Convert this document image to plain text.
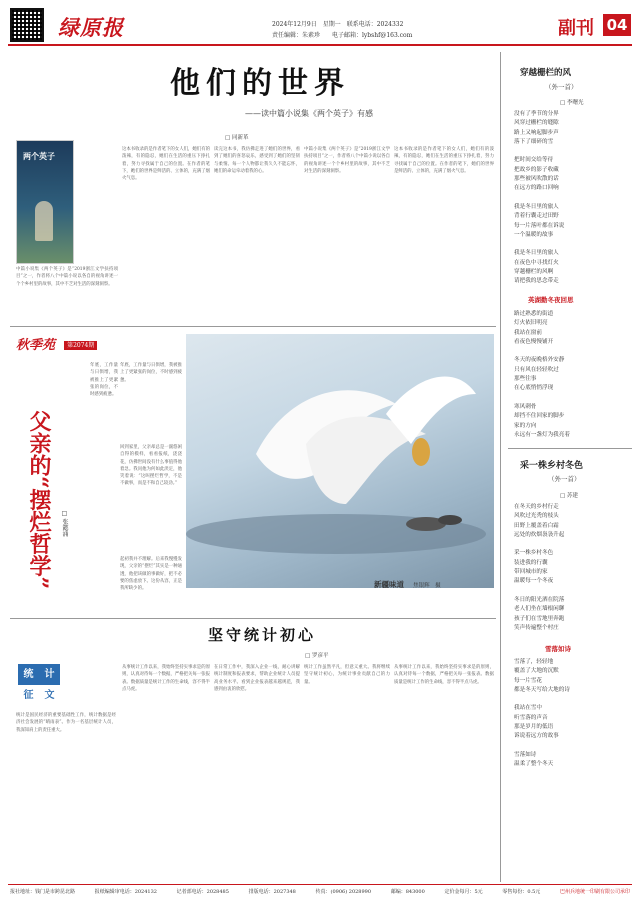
绿原报	2024年12月9日　星期一　联系电话：2024332
责任编辑：朱素珍　　电子邮箱：lybshf@163.com	副刊 04
他们的世界
——读中篇小说集《两个英子》有感
□ 同新革
两个英子
中篇小说集《两个英子》是“2019浙江文学扶持项目”之一，作者将八个中篇小说以各自的视角讲述一个个乡村里的故事，其中不乏对生活的深刻洞察。
这本书收录的是作者笔下的女人们，她们有的泼辣，有的隐忍，她们在生活的重压下挣扎着，努力寻找属于自己的位置。在作者的笔下，她们的世界是鲜活的、立体的，充满了烟火气息。
读完这本书，我仿佛走进了她们的世界，看到了她们的喜怒哀乐，感受到了她们的坚韧与柔情。每一个人物都让我久久不能忘怀，她们的命运牵动着我的心。
中篇小说集《两个英子》是“2019浙江文学扶持项目”之一，作者将八个中篇小说以各自的视角讲述一个个乡村里的故事，其中不乏对生活的深刻洞察。
这本书收录的是作者笔下的女人们，她们有的泼辣，有的隐忍，她们在生活的重压下挣扎着，努力寻找属于自己的位置。在作者的笔下，她们的世界是鲜活的、立体的，充满了烟火气息。
穿越栅栏的风
（外一首）
□ 李曙光
没有了季节的分界
风穿过栅栏的缝隙
路上又响起脚步声
落下了细碎的雪

把时间交给等待
把故乡的影子收藏
那些被风吹散的话
在远方的路口回响

我是冬日里的旅人
背着行囊走过田野
每一片落叶都在诉说
一个温暖的故事

我是冬日里的旅人
在夜色中寻找灯火
穿越栅栏的风啊
请把我的思念带走
英湖勤冬夜回思
路过熟悉的街道
灯火依旧明亮
我站在窗前
看夜色慢慢铺开

冬天的夜晚格外安静
只有风在轻轻吹过
那些往事
在心底悄悄浮现

寒风刺骨
却挡不住回家的脚步
家的方向
永远有一盏灯为我亮着
采一株乡村冬色
（外一首）
□ 苏建
在冬天的乡村行走
风吹过光秃的枝头
田野上覆盖着白霜
远处的炊烟袅袅升起

采一株乡村冬色
装进我的行囊
带回城市的家
温暖每一个冬夜

冬日的阳光洒在院落
老人们坐在墙根闲聊
孩子们在雪地里奔跑
笑声传遍整个村庄
雪落如诗
雪落了，轻轻地
覆盖了大地的沉默
每一片雪花
都是冬天写给大地的诗

我站在雪中
听雪落的声音
那是岁月的低语
诉说着远方的故事

雪落如诗
温柔了整个冬天
秋季苑 第2074期
父亲的“摆烂哲学” □ 张懿涌
年底，工作量与日俱增，我被推上了更紧张的岗位，不时感到疲惫。
回到家里，父亲却总是一副悠闲自得的模样，看看报纸，浇浇花，仿佛世间没有什么事值得他着急。我问他为何如此淡定，他笑着说：“这叫摆烂哲学，不是不做事，而是不和自己较劲。”
起初我并不理解。后来我慢慢发现，父亲的“摆烂”其实是一种通透，他把该做的事做好，把不必要的焦虑放下。这份从容，正是我所缺少的。
年底，工作量与日俱增，我被推上了更紧张的岗位，不时感到疲惫。
新疆味道 焦银辉　摄
坚守统计初心
□ 罗彦平
统	计
征	文
统计是国民经济的重要基础性工作，统计数据是经济社会发展的“晴雨表”。作为一名基层统计人员，我深知肩上的责任重大。
从事统计工作以来，我始终坚持实事求是的原则，认真对待每一个数据，严格把关每一张报表。数据质量是统计工作的生命线，容不得半点马虎。
在日常工作中，我深入企业一线，耐心讲解统计制度和报表要求，帮助企业统计人员提高业务水平。看到企业报表越来越规范，我感到由衷的欣慰。
统计工作虽然平凡，但意义重大。我将继续坚守统计初心，为统计事业贡献自己的力量。
从事统计工作以来，我始终坚持实事求是的原则，认真对待每一个数据，严格把关每一张报表。数据质量是统计工作的生命线，容不得半点马虎。
报社地址：钱门是市跨昆北路	报纸编辑审电话：2024132	记者部电话：2028485	排版电话：2027348	传真：(0906) 2028990	邮编：843000	定价金每月：5元	零售每份：0.5元	巴州兵地统一印刷有限公司承印
